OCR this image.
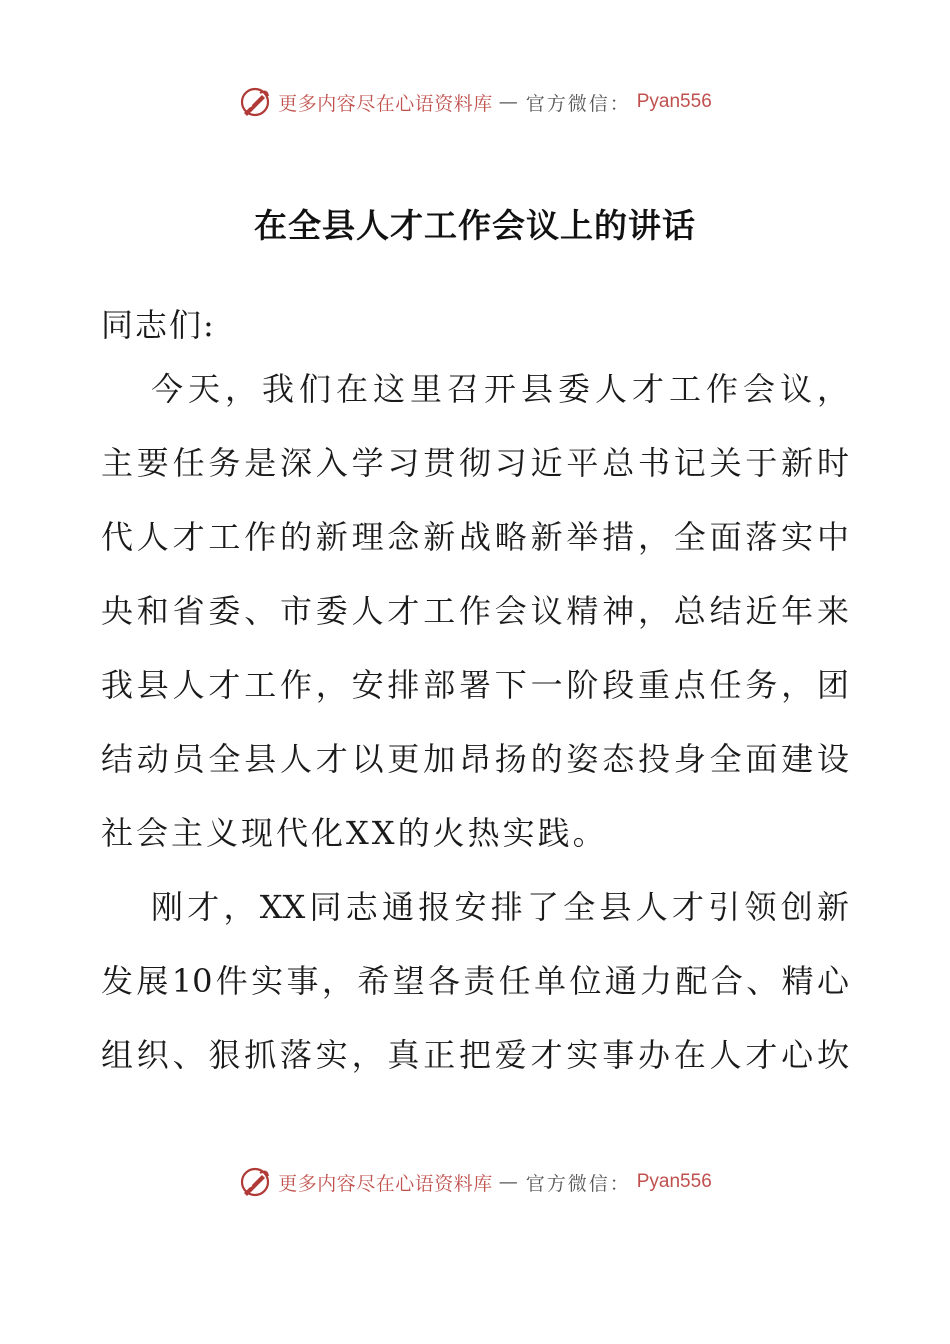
更多内容尽在心语资料库 — 官方微信： Pyan556
在全县人才工作会议上的讲话
同志们:
今天，我们在这里召开县委人才工作会议，
主要任务是深入学习贯彻习近平总书记关于新时
代人才工作的新理念新战略新举措，全面落实中
央和省委、市委人才工作会议精神，总结近年来
我县人才工作，安排部署下一阶段重点任务，团
结动员全县人才以更加昂扬的姿态投身全面建设
社会主义现代化XX的火热实践。
刚才，XX同志通报安排了全县人才引领创新
发展10件实事，希望各责任单位通力配合、精心
组织、狠抓落实，真正把爱才实事办在人才心坎
更多内容尽在心语资料库 — 官方微信： Pyan556
